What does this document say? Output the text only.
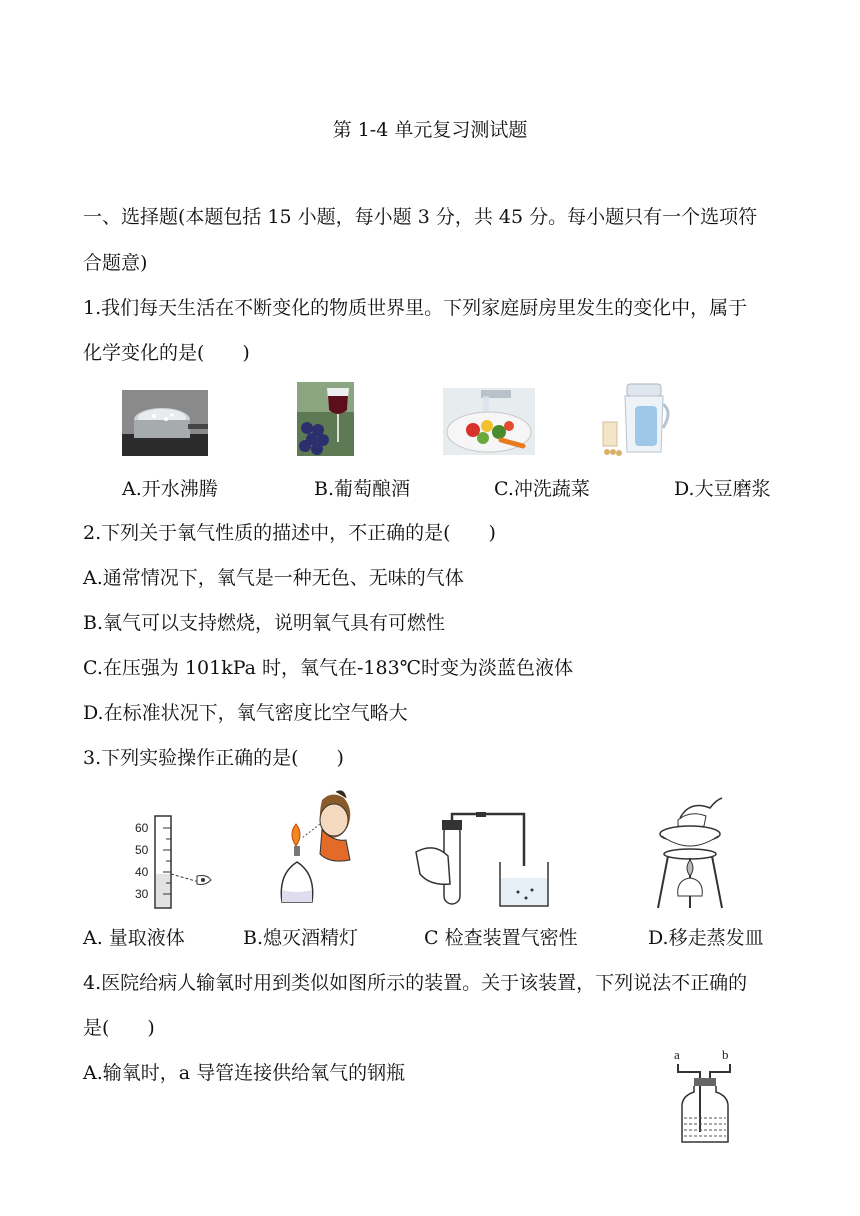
第 1-4 单元复习测试题
一、选择题(本题包括 15 小题，每小题 3 分，共 45 分。每小题只有一个选项符
合题意)
1.我们每天生活在不断变化的物质世界里。下列家庭厨房里发生的变化中，属于
化学变化的是(　　)
A.开水沸腾	B.葡萄酿酒	C.冲洗蔬菜	D.大豆磨浆
2.下列关于氧气性质的描述中，不正确的是(　　)
A.通常情况下，氧气是一种无色、无味的气体
B.氧气可以支持燃烧，说明氧气具有可燃性
C.在压强为 101kPa 时，氧气在-183℃时变为淡蓝色液体
D.在标准状况下，氧气密度比空气略大
3.下列实验操作正确的是(　　)
60
50
40
30
A. 量取液体	B.熄灭酒精灯	C 检查装置气密性	D.移走蒸发皿
4.医院给病人输氧时用到类似如图所示的装置。关于该装置，下列说法不正确的
是(　　)
A.输氧时，a 导管连接供给氧气的钢瓶
a	b
